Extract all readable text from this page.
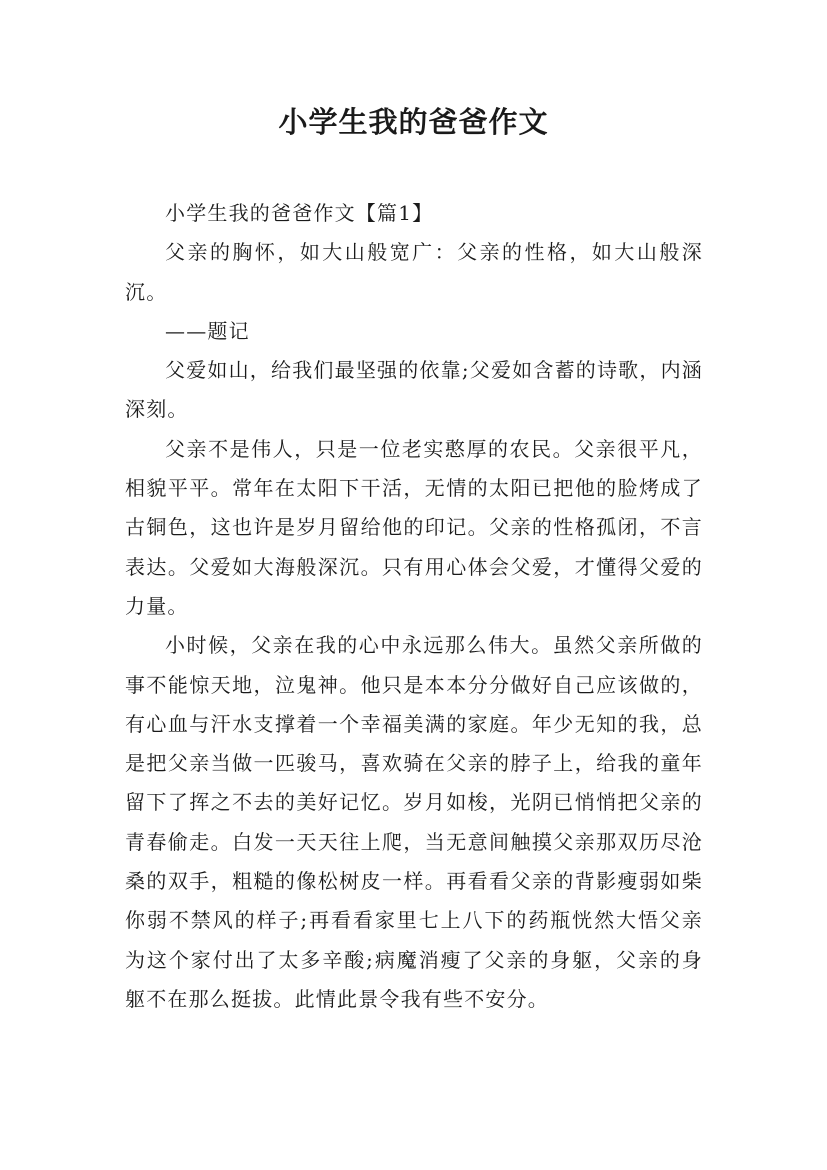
小学生我的爸爸作文

小学生我的爸爸作文【篇1】

父亲的胸怀，如大山般宽广：父亲的性格，如大山般深沉。

——题记

父爱如山，给我们最坚强的依靠;父爱如含蓄的诗歌，内涵深刻。

父亲不是伟人，只是一位老实憨厚的农民。父亲很平凡，相貌平平。常年在太阳下干活，无情的太阳已把他的脸烤成了古铜色，这也许是岁月留给他的印记。父亲的性格孤闭，不言表达。父爱如大海般深沉。只有用心体会父爱，才懂得父爱的力量。

小时候，父亲在我的心中永远那么伟大。虽然父亲所做的事不能惊天地，泣鬼神。他只是本本分分做好自己应该做的，有心血与汗水支撑着一个幸福美满的家庭。年少无知的我，总是把父亲当做一匹骏马，喜欢骑在父亲的脖子上，给我的童年留下了挥之不去的美好记忆。岁月如梭，光阴已悄悄把父亲的青春偷走。白发一天天往上爬，当无意间触摸父亲那双历尽沧桑的双手，粗糙的像松树皮一样。再看看父亲的背影瘦弱如柴你弱不禁风的样子;再看看家里七上八下的药瓶恍然大悟父亲为这个家付出了太多辛酸;病魔消瘦了父亲的身躯，父亲的身躯不在那么挺拔。此情此景令我有些不安分。
